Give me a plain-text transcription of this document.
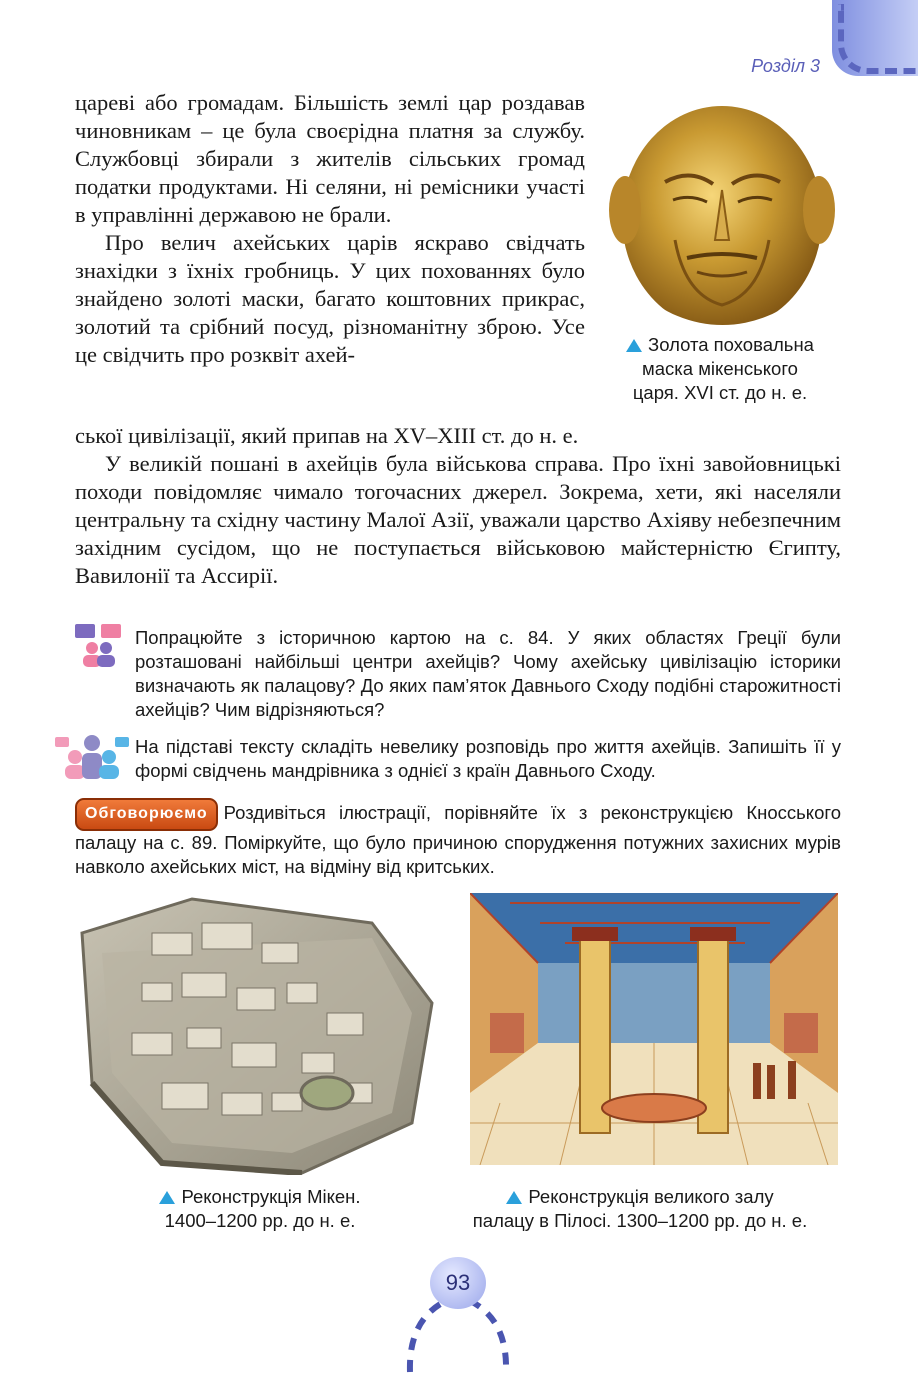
Розділ 3

цареві або громадам. Більшість землі цар роздавав чиновникам – це була своєрідна платня за службу. Службовці збирали з жителів сільських громад податки продуктами. Ні селяни, ні ремісники участі в управлінні державою не брали.

Про велич ахейських царів яскраво свідчать знахідки з їхніх гробниць. У цих похованнях було знайдено золоті маски, багато коштовних прикрас, золотий та срібний посуд, різноманітну зброю. Усе це свідчить про розквіт ахей-	Золота поховальна
маска мікенського
царя. XVI ст. до н. е.

ської цивілізації, який припав на XV–XIII ст. до н. е.

У великій пошані в ахейців була військова справа. Про їхні завойовницькі походи повідомляє чимало тогочасних джерел. Зокрема, хети, які населяли центральну та східну частину Малої Азії, уважали царство Ахіяву небезпечним західним сусідом, що не поступається військовою майстерністю Єгипту, Вавилонії та Ассирії.

Попрацюйте з історичною картою на с. 84. У яких областях Греції були розташовані найбільші центри ахейців? Чому ахейську цивілізацію історики визначають як палацову? До яких пам’яток Давнього Сходу подібні старожитності ахейців? Чим відрізняються?

На підставі тексту складіть невелику розповідь про життя ахейців. Запишіть її у формі свідчень мандрівника з однієї з країн Давнього Сходу.

Обговорюємо Роздивіться ілюстрації, порівняйте їх з реконструкцією Кносського палацу на с. 89. Поміркуйте, що було причиною спорудження потужних захисних мурів навколо ахейських міст, на відміну від критських.

Реконструкція Мікен.
1400–1200 рр. до н. е.
Реконструкція великого залу
палацу в Пілосі. 1300–1200 рр. до н. е.
93
